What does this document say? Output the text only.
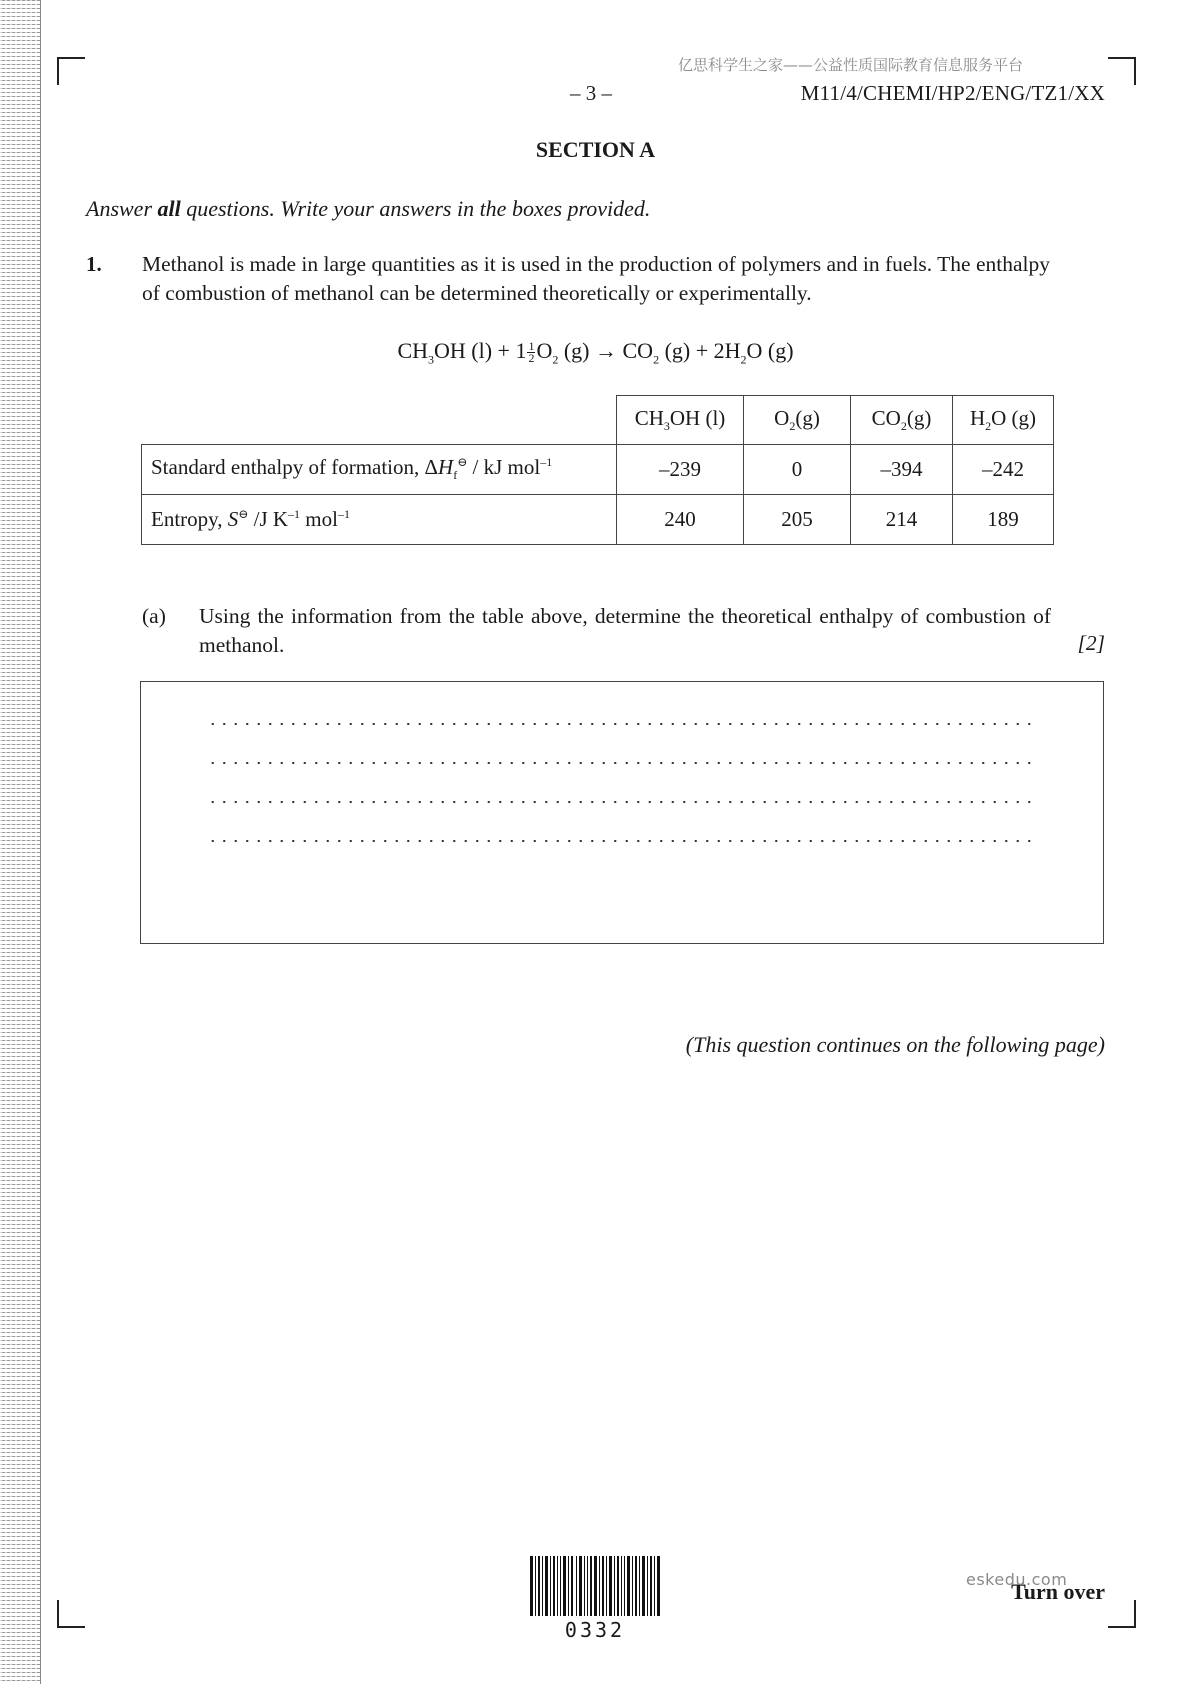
亿思科学生之家——公益性质国际教育信息服务平台
– 3 –	M11/4/CHEMI/HP2/ENG/TZ1/XX
SECTION A
Answer all questions. Write your answers in the boxes provided.
1. Methanol is made in large quantities as it is used in the production of polymers and in fuels. The enthalpy of combustion of methanol can be determined theoretically or experimentally.
$CH_3OH$ $(l) + 1 \frac{1}{2} O_2$ $(g) \to CO_2$ $(g) + 2H_2O$ (g)
	$CH_3OH$ (l)	$O_2(g)$	$CO_2(g)$	$H_2O$ (g)
Standard enthalpy of formation, $\Delta H_f^⊖$ / kJ mol$^{-1}$	–239	0	–394	–242
Entropy, S⊖ /J $K^{-1}$ mol$^{-1}$	240	205	214	189
(a) Using the information from the table above, determine the theoretical enthalpy of combustion of methanol.	[2]
(This question continues on the following page)
0332
Turn over
eskedu.com
